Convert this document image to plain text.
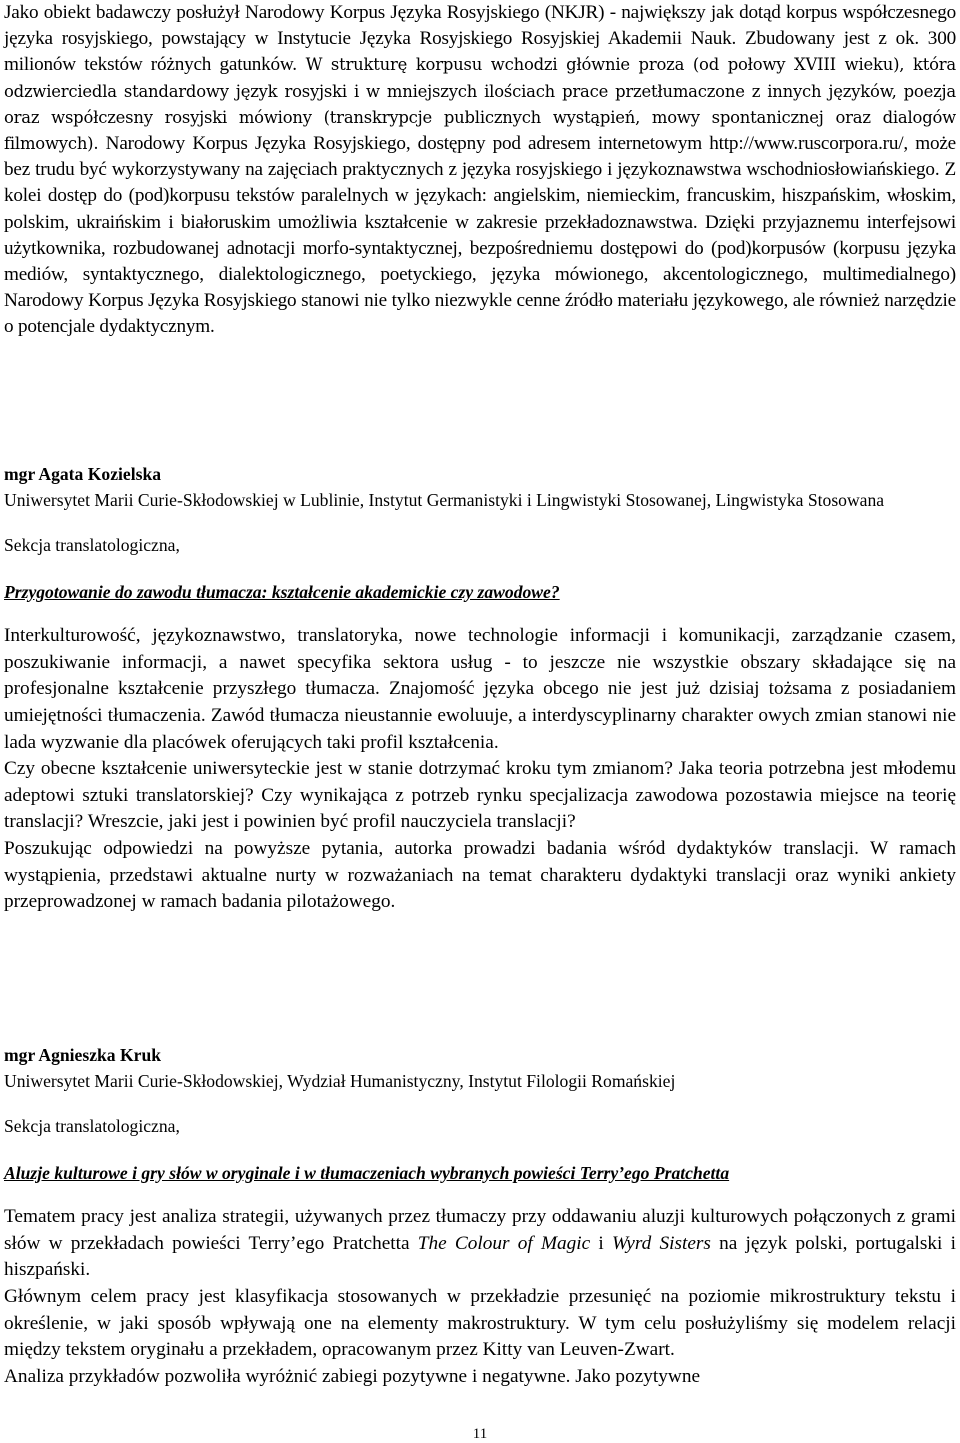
Jako obiekt badawczy posłużył Narodowy Korpus Języka Rosyjskiego (NKJR) - największy jak dotąd korpus współczesnego języka rosyjskiego, powstający w Instytucie Języka Rosyjskiego Rosyjskiej Akademii Nauk. Zbudowany jest z ok. 300 milionów tekstów różnych gatunków. W strukturę korpusu wchodzi głównie proza (od połowy XVIII wieku), która odzwierciedla standardowy język rosyjski i w mniejszych ilościach prace przetłumaczone z innych języków, poezja oraz współczesny rosyjski mówiony (transkrypcje publicznych wystąpień, mowy spontanicznej oraz dialogów filmowych). Narodowy Korpus Języka Rosyjskiego, dostępny pod adresem internetowym http://www.ruscorpora.ru/, może bez trudu być wykorzystywany na zajęciach praktycznych z języka rosyjskiego i językoznawstwa wschodniosłowiańskiego. Z kolei dostęp do (pod)korpusu tekstów paralelnych w językach: angielskim, niemieckim, francuskim, hiszpańskim, włoskim, polskim, ukraińskim i białoruskim umożliwia kształcenie w zakresie przekładoznawstwa. Dzięki przyjaznemu interfejsowi użytkownika, rozbudowanej adnotacji morfo-syntaktycznej, bezpośredniemu dostępowi do (pod)korpusów (korpusu języka mediów, syntaktycznego, dialektologicznego, poetyckiego, języka mówionego, akcentologicznego, multimedialnego) Narodowy Korpus Języka Rosyjskiego stanowi nie tylko niezwykle cenne źródło materiału językowego, ale również narzędzie o potencjale dydaktycznym.

mgr Agata Kozielska

Uniwersytet Marii Curie-Skłodowskiej w Lublinie, Instytut Germanistyki i Lingwistyki Stosowanej, Lingwistyka Stosowana

Sekcja translatologiczna,

Przygotowanie do zawodu tłumacza: kształcenie akademickie czy zawodowe?

Interkulturowość, językoznawstwo, translatoryka, nowe technologie informacji i komunikacji, zarządzanie czasem, poszukiwanie informacji, a nawet specyfika sektora usług - to jeszcze nie wszystkie obszary składające się na profesjonalne kształcenie przyszłego tłumacza. Znajomość języka obcego nie jest już dzisiaj tożsama z posiadaniem umiejętności tłumaczenia. Zawód tłumacza nieustannie ewoluuje, a interdyscyplinarny charakter owych zmian stanowi nie lada wyzwanie dla placówek oferujących taki profil kształcenia.

Czy obecne kształcenie uniwersyteckie jest w stanie dotrzymać kroku tym zmianom? Jaka teoria potrzebna jest młodemu adeptowi sztuki translatorskiej? Czy wynikająca z potrzeb rynku specjalizacja zawodowa pozostawia miejsce na teorię translacji? Wreszcie, jaki jest i powinien być profil nauczyciela translacji?

Poszukując odpowiedzi na powyższe pytania, autorka prowadzi badania wśród dydaktyków translacji. W ramach wystąpienia, przedstawi aktualne nurty w rozważaniach na temat charakteru dydaktyki translacji oraz wyniki ankiety przeprowadzonej w ramach badania pilotażowego.

mgr Agnieszka Kruk

Uniwersytet Marii Curie-Skłodowskiej, Wydział Humanistyczny, Instytut Filologii Romańskiej

Sekcja translatologiczna,

Aluzje kulturowe i gry słów w oryginale i w tłumaczeniach wybranych powieści Terry’ego Pratchetta

Tematem pracy jest analiza strategii, używanych przez tłumaczy przy oddawaniu aluzji kulturowych połączonych z grami słów w przekładach powieści Terry’ego Pratchetta The Colour of Magic i Wyrd Sisters na język polski, portugalski i hiszpański.

Głównym celem pracy jest klasyfikacja stosowanych w przekładzie przesunięć na poziomie mikrostruktury tekstu i określenie, w jaki sposób wpływają one na elementy makrostruktury. W tym celu posłużyliśmy się modelem relacji między tekstem oryginału a przekładem, opracowanym przez Kitty van Leuven-Zwart.

Analiza przykładów pozwoliła wyróżnić zabiegi pozytywne i negatywne. Jako pozytywne

11
